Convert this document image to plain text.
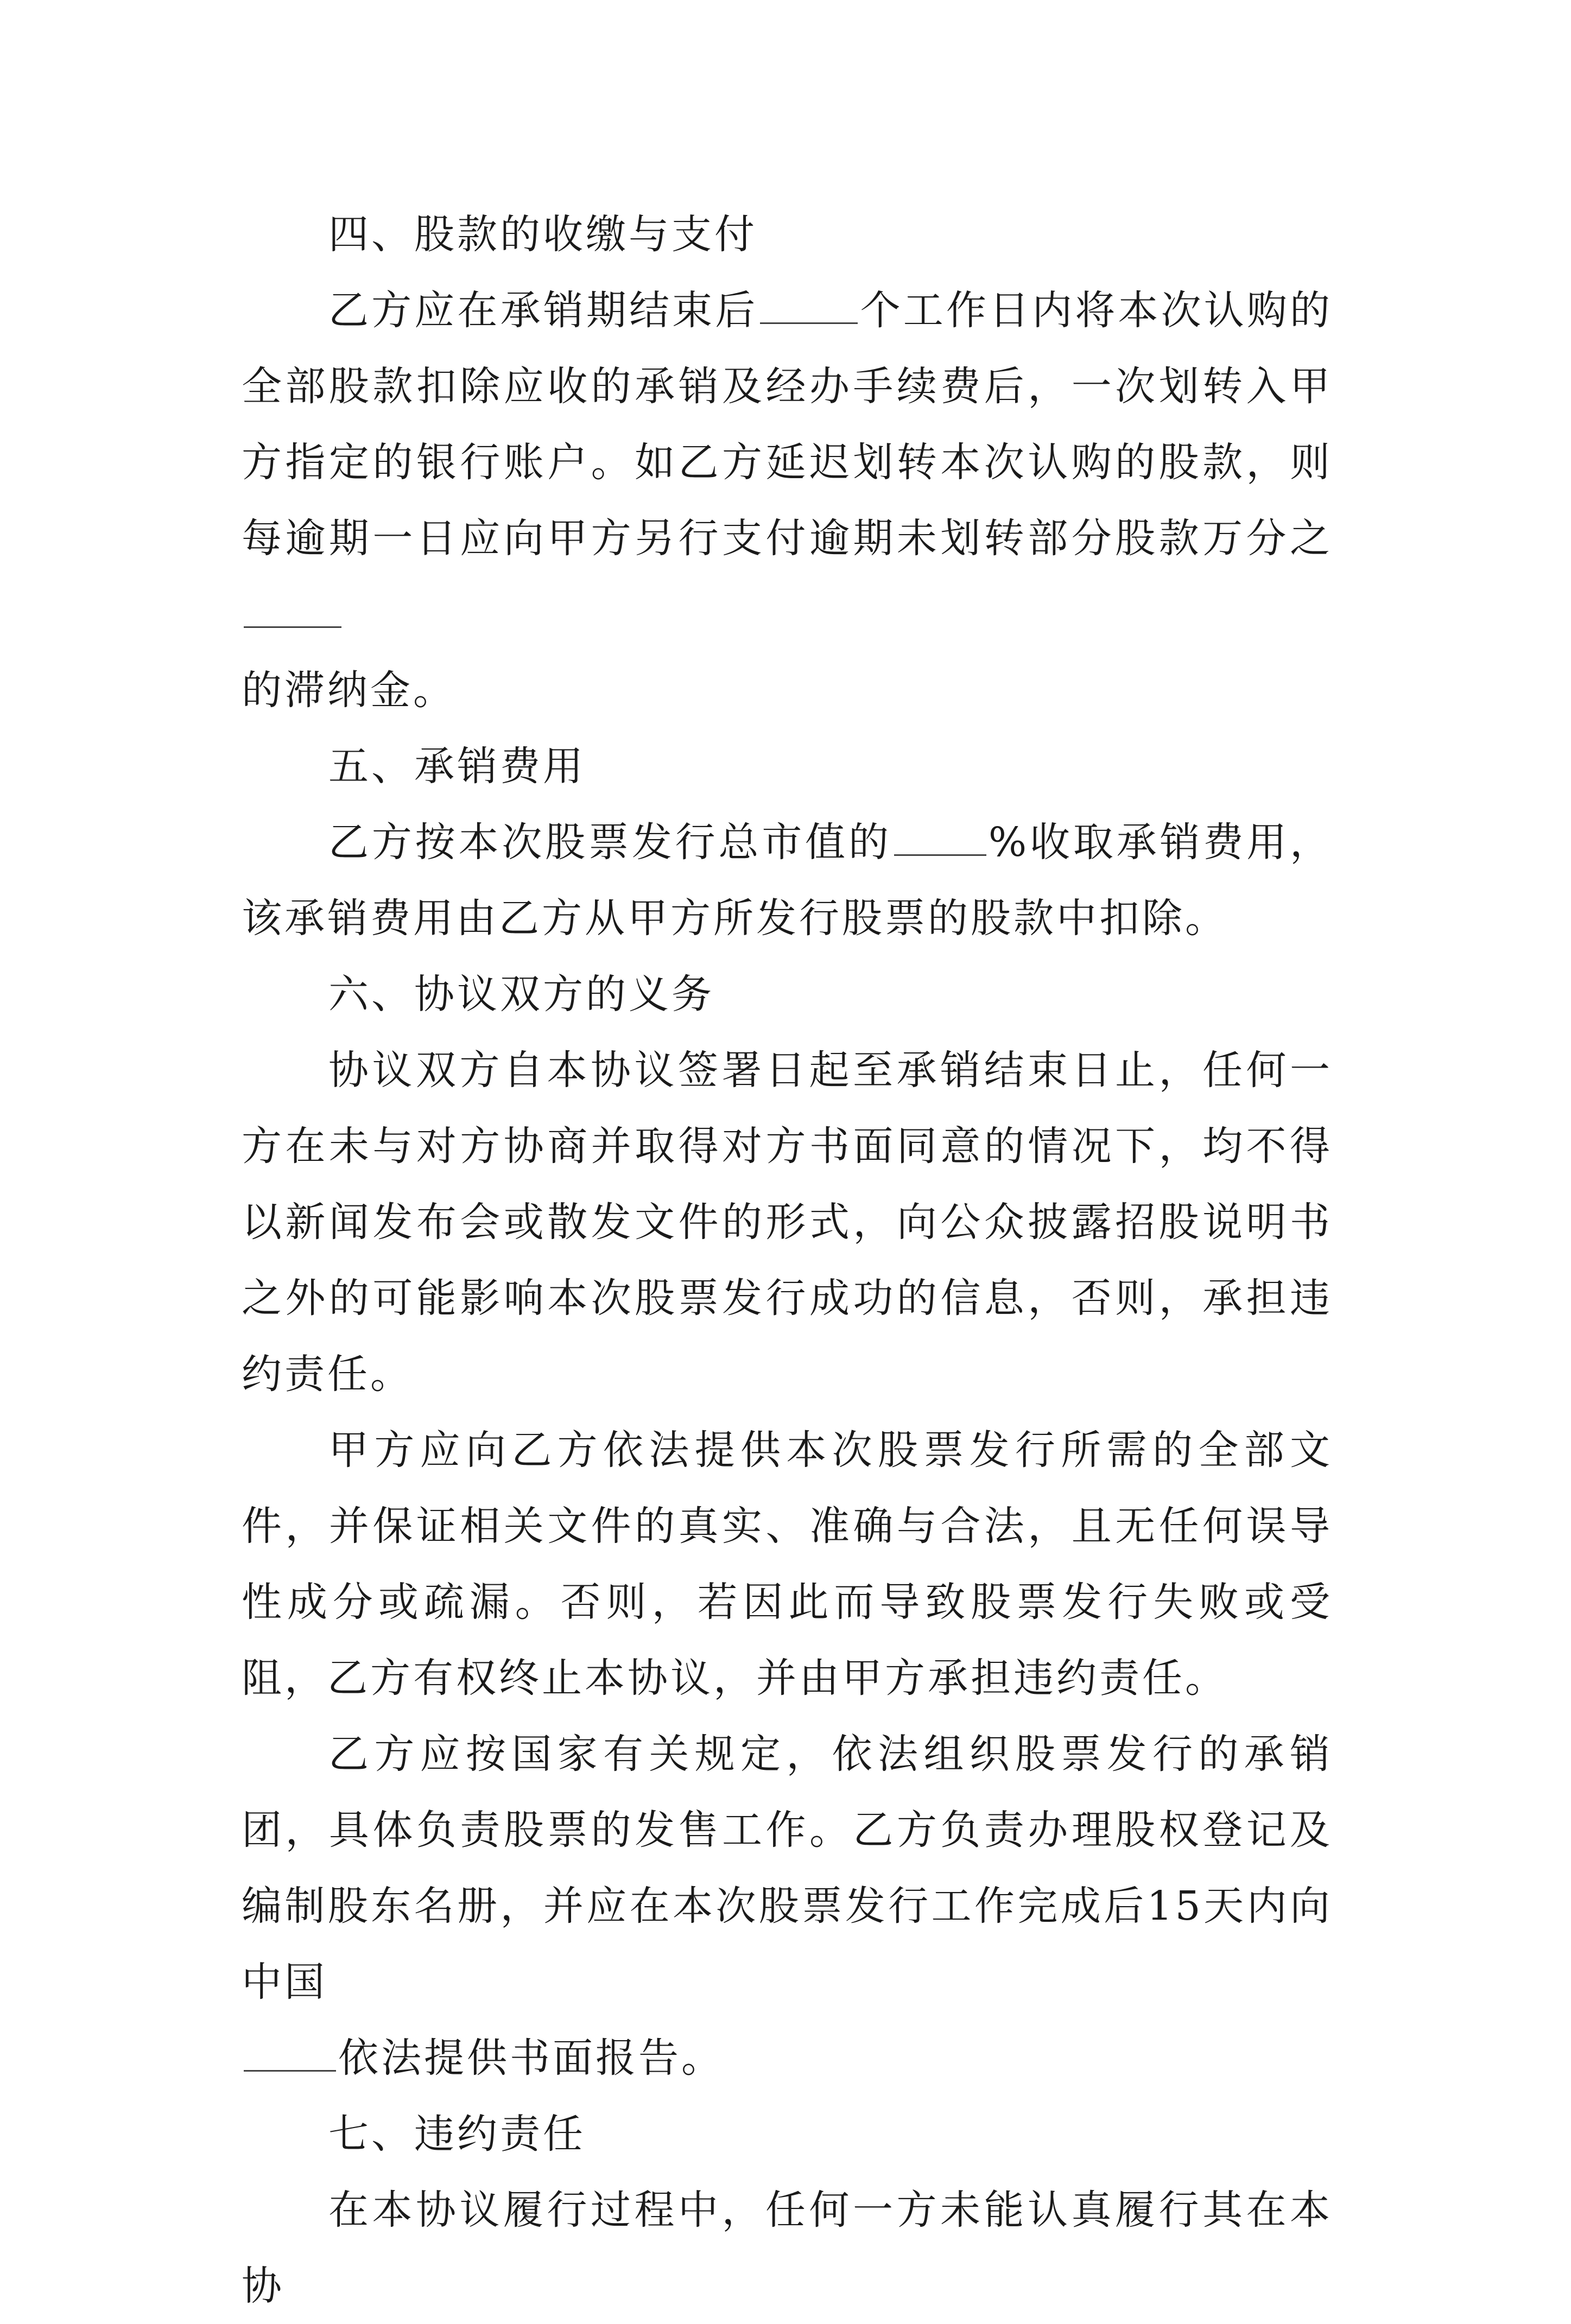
四、股款的收缴与支付

乙方应在承销期结束后	个工作日内将本次认购的全部股款扣除应收的承销及经办手续费后，一次划转入甲方指定的银行账户。如乙方延迟划转本次认购的股款，则每逾期一日应向甲方另行支付逾期未划转部分股款万分之
的滞纳金。

五、承销费用

乙方按本次股票发行总市值的 %收取承销费用，该承销费用由乙方从甲方所发行股票的股款中扣除。

六、协议双方的义务

协议双方自本协议签署日起至承销结束日止，任何一方在未与对方协商并取得对方书面同意的情况下，均不得以新闻发布会或散发文件的形式，向公众披露招股说明书之外的可能影响本次股票发行成功的信息，否则，承担违约责任。

甲方应向乙方依法提供本次股票发行所需的全部文件，并保证相关文件的真实、准确与合法，且无任何误导性成分或疏漏。否则，若因此而导致股票发行失败或受阻，乙方有权终止本协议，并由甲方承担违约责任。

乙方应按国家有关规定，依法组织股票发行的承销团，具体负责股票的发售工作。乙方负责办理股权登记及编制股东名册，并应在本次股票发行工作完成后15天内向中国
依法提供书面报告。

七、违约责任

在本协议履行过程中，任何一方未能认真履行其在本协
